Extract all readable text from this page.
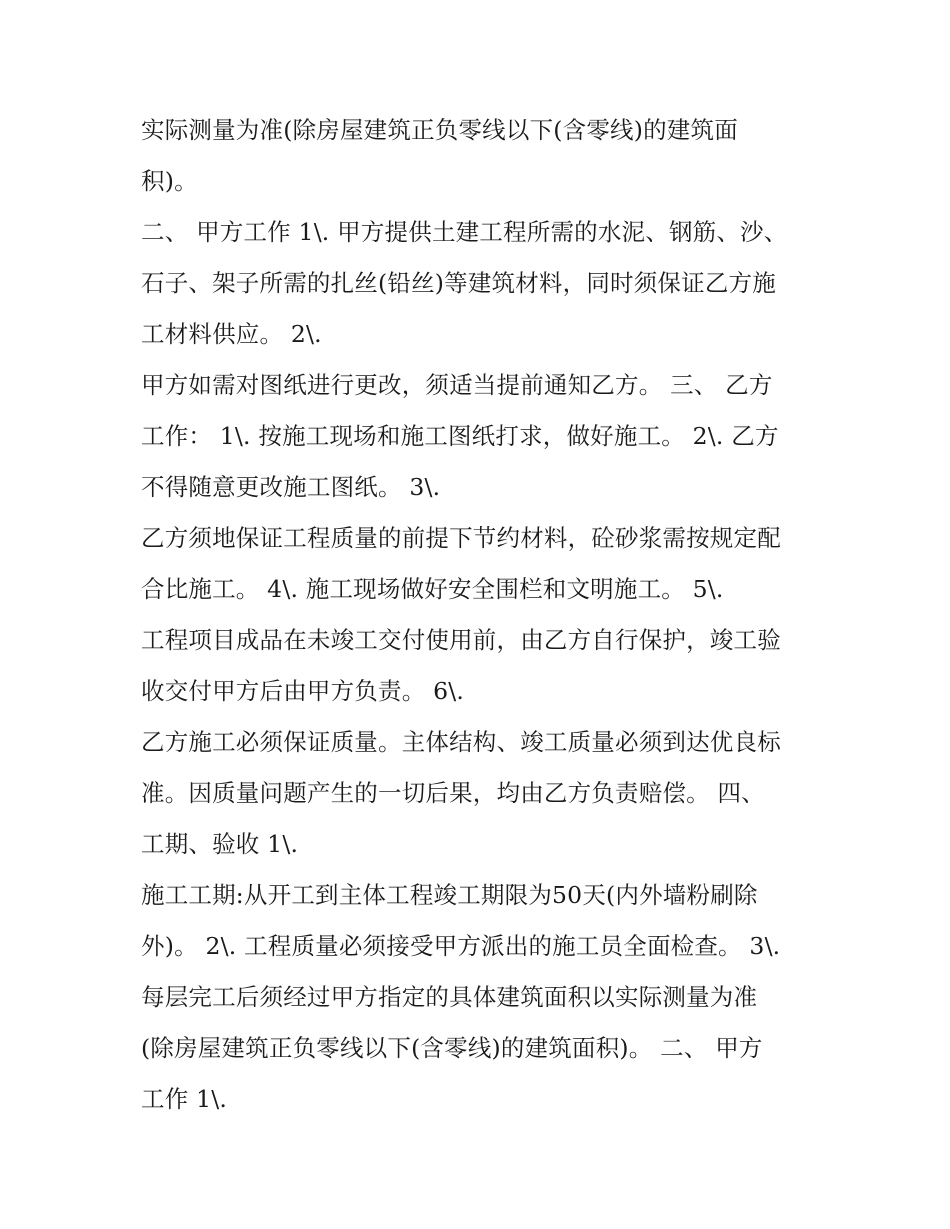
实际测量为准(除房屋建筑正负零线以下(含零线)的建筑面
积)。
二、 甲方工作 1\. 甲方提供土建工程所需的水泥、钢筋、沙、
石子、架子所需的扎丝(铅丝)等建筑材料，同时须保证乙方施
工材料供应。 2\.
甲方如需对图纸进行更改，须适当提前通知乙方。 三、 乙方
工作： 1\. 按施工现场和施工图纸打求，做好施工。 2\. 乙方
不得随意更改施工图纸。 3\.
乙方须地保证工程质量的前提下节约材料，砼砂浆需按规定配
合比施工。 4\. 施工现场做好安全围栏和文明施工。 5\.
工程项目成品在未竣工交付使用前，由乙方自行保护，竣工验
收交付甲方后由甲方负责。 6\.
乙方施工必须保证质量。主体结构、竣工质量必须到达优良标
准。因质量问题产生的一切后果，均由乙方负责赔偿。 四、
工期、验收 1\.
施工工期:从开工到主体工程竣工期限为50天(内外墙粉刷除
外)。 2\. 工程质量必须接受甲方派出的施工员全面检查。 3\.
每层完工后须经过甲方指定的具体建筑面积以实际测量为准
(除房屋建筑正负零线以下(含零线)的建筑面积)。 二、 甲方
工作 1\.
